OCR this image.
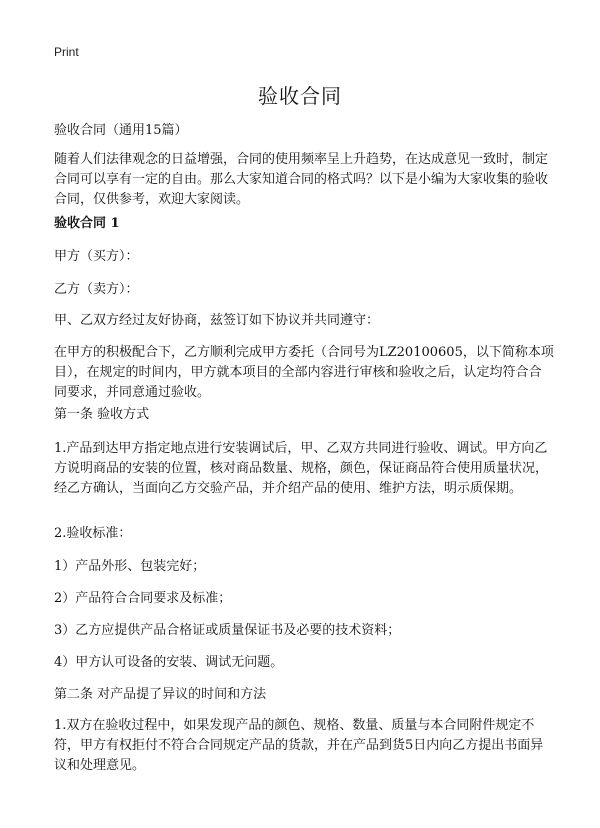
Print
验收合同

验收合同（通用15篇）

随着人们法律观念的日益增强，合同的使用频率呈上升趋势，在达成意见一致时，制定合同可以享有一定的自由。那么大家知道合同的格式吗？以下是小编为大家收集的验收合同，仅供参考，欢迎大家阅读。

验收合同 1

甲方（买方）：

乙方（卖方）：

甲、乙双方经过友好协商，兹签订如下协议并共同遵守：

在甲方的积极配合下，乙方顺利完成甲方委托（合同号为LZ20100605，以下简称本项目），在规定的时间内，甲方就本项目的全部内容进行审核和验收之后，认定均符合合同要求，并同意通过验收。

第一条 验收方式

1.产品到达甲方指定地点进行安装调试后，甲、乙双方共同进行验收、调试。甲方向乙方说明商品的安装的位置，核对商品数量、规格，颜色，保证商品符合使用质量状况，经乙方确认，当面向乙方交验产品，并介绍产品的使用、维护方法，明示质保期。

2.验收标准：

1）产品外形、包装完好；

2）产品符合合同要求及标准；

3）乙方应提供产品合格证或质量保证书及必要的技术资料；

4）甲方认可设备的安装、调试无问题。

第二条 对产品提了异议的时间和方法

1.双方在验收过程中，如果发现产品的颜色、规格、数量、质量与本合同附件规定不符，甲方有权拒付不符合合同规定产品的货款，并在产品到货5日内向乙方提出书面异议和处理意见。
